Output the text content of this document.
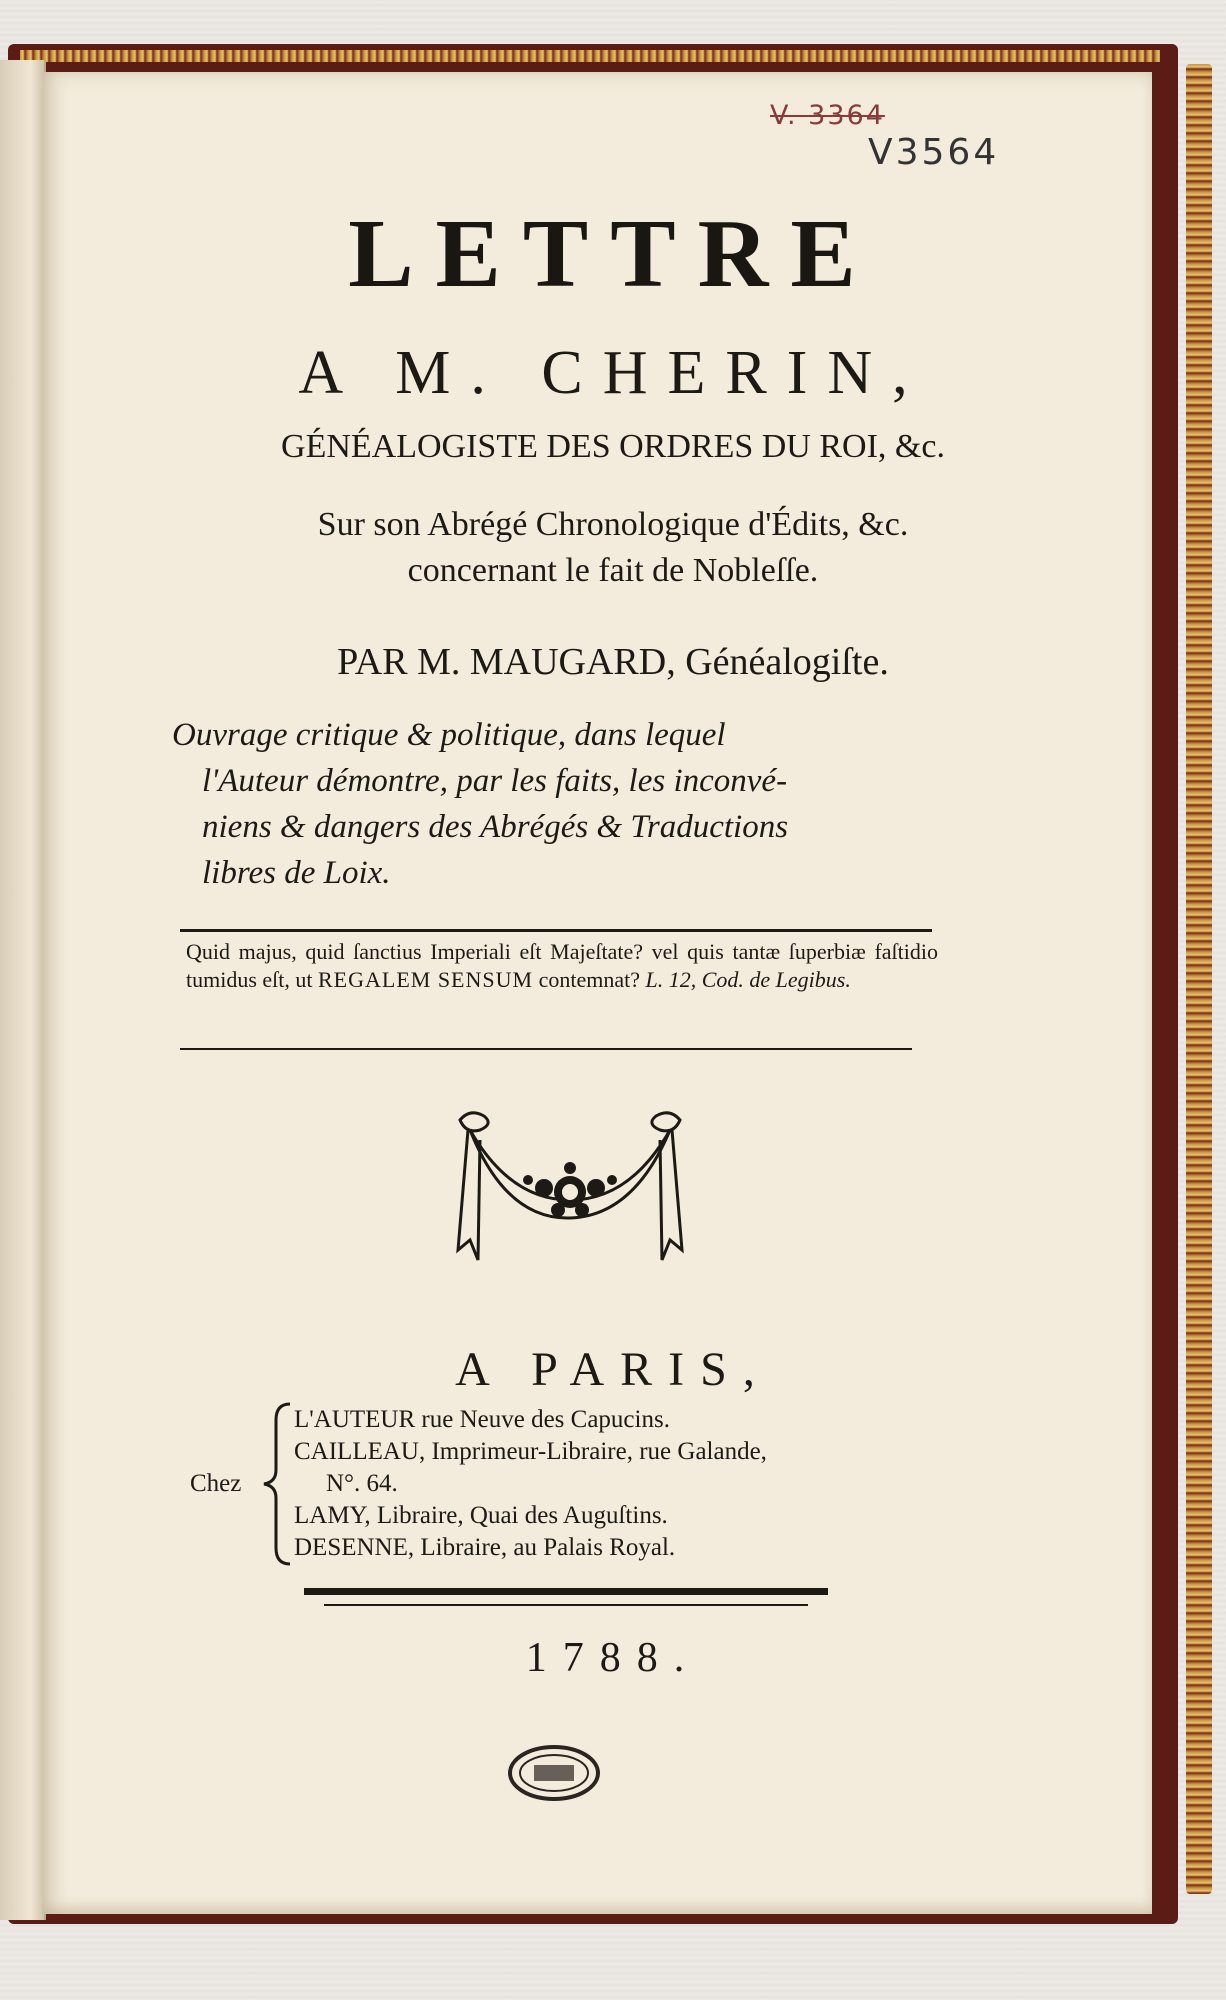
V. 3364
V3564
LETTRE
A M. CHERIN,
GÉNÉALOGISTE DES ORDRES DU ROI, &c.
Sur son Abrégé Chronologique d'Édits, &c.
concernant le fait de Nobleſſe.
PAR M. MAUGARD, Généalogiſte.
Ouvrage critique & politique, dans lequel
l'Auteur démontre, par les faits, les inconvé-
niens & dangers des Abrégés & Traductions
libres de Loix.
Quid majus, quid ſanctius Imperiali eſt Majeſtate? vel quis tantæ ſuperbiæ faſtidio tumidus eſt, ut REGALEM SENSUM contemnat? L. 12, Cod. de Legibus.
A PARIS,
Chez
L'AUTEUR rue Neuve des Capucins.
CAILLEAU, Imprimeur-Libraire, rue Galande,
N°. 64.
LAMY, Libraire, Quai des Auguſtins.
DESENNE, Libraire, au Palais Royal.
1788.
